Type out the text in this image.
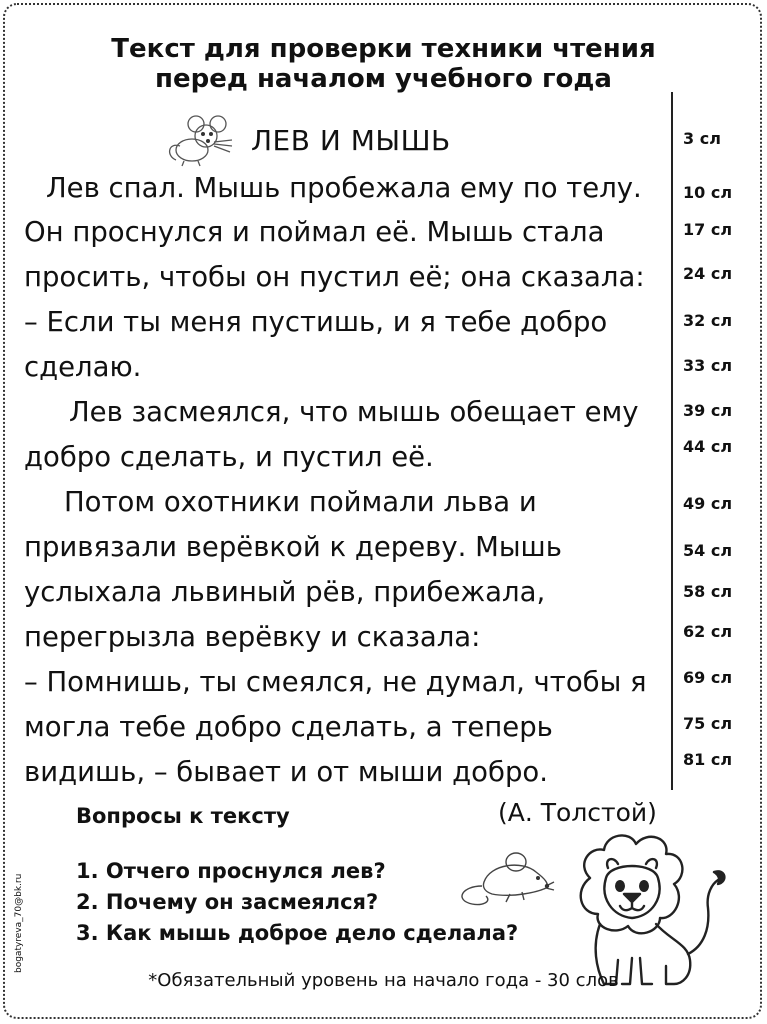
Текст для проверки техники чтения
перед началом учебного года
ЛЕВ И МЫШЬ
Лев спал. Мышь пробежала ему по телу.
Он проснулся и поймал её. Мышь стала
просить, чтобы он пустил её; она сказала:
– Если ты меня пустишь, и я тебе добро
сделаю.
Лев засмеялся, что мышь обещает ему
добро сделать, и пустил её.
Потом охотники поймали льва и
привязали верёвкой к дереву. Мышь
услыхала львиный рёв, прибежала,
перегрызла верёвку и сказала:
– Помнишь, ты смеялся, не думал, чтобы я
могла тебе добро сделать, а теперь
видишь, – бывает и от мыши добро.
3 сл
10 сл
17 сл
24 сл
32 сл
33 сл
39 сл
44 сл
49 сл
54 сл
58 сл
62 сл
69 сл
75 сл
81 сл
(А. Толстой)
Вопросы к тексту
1. Отчего проснулся лев?
2. Почему он засмеялся?
3. Как мышь доброе дело сделала?
bogatyreva_70@bk.ru
*Обязательный уровень на начало года - 30 слов
